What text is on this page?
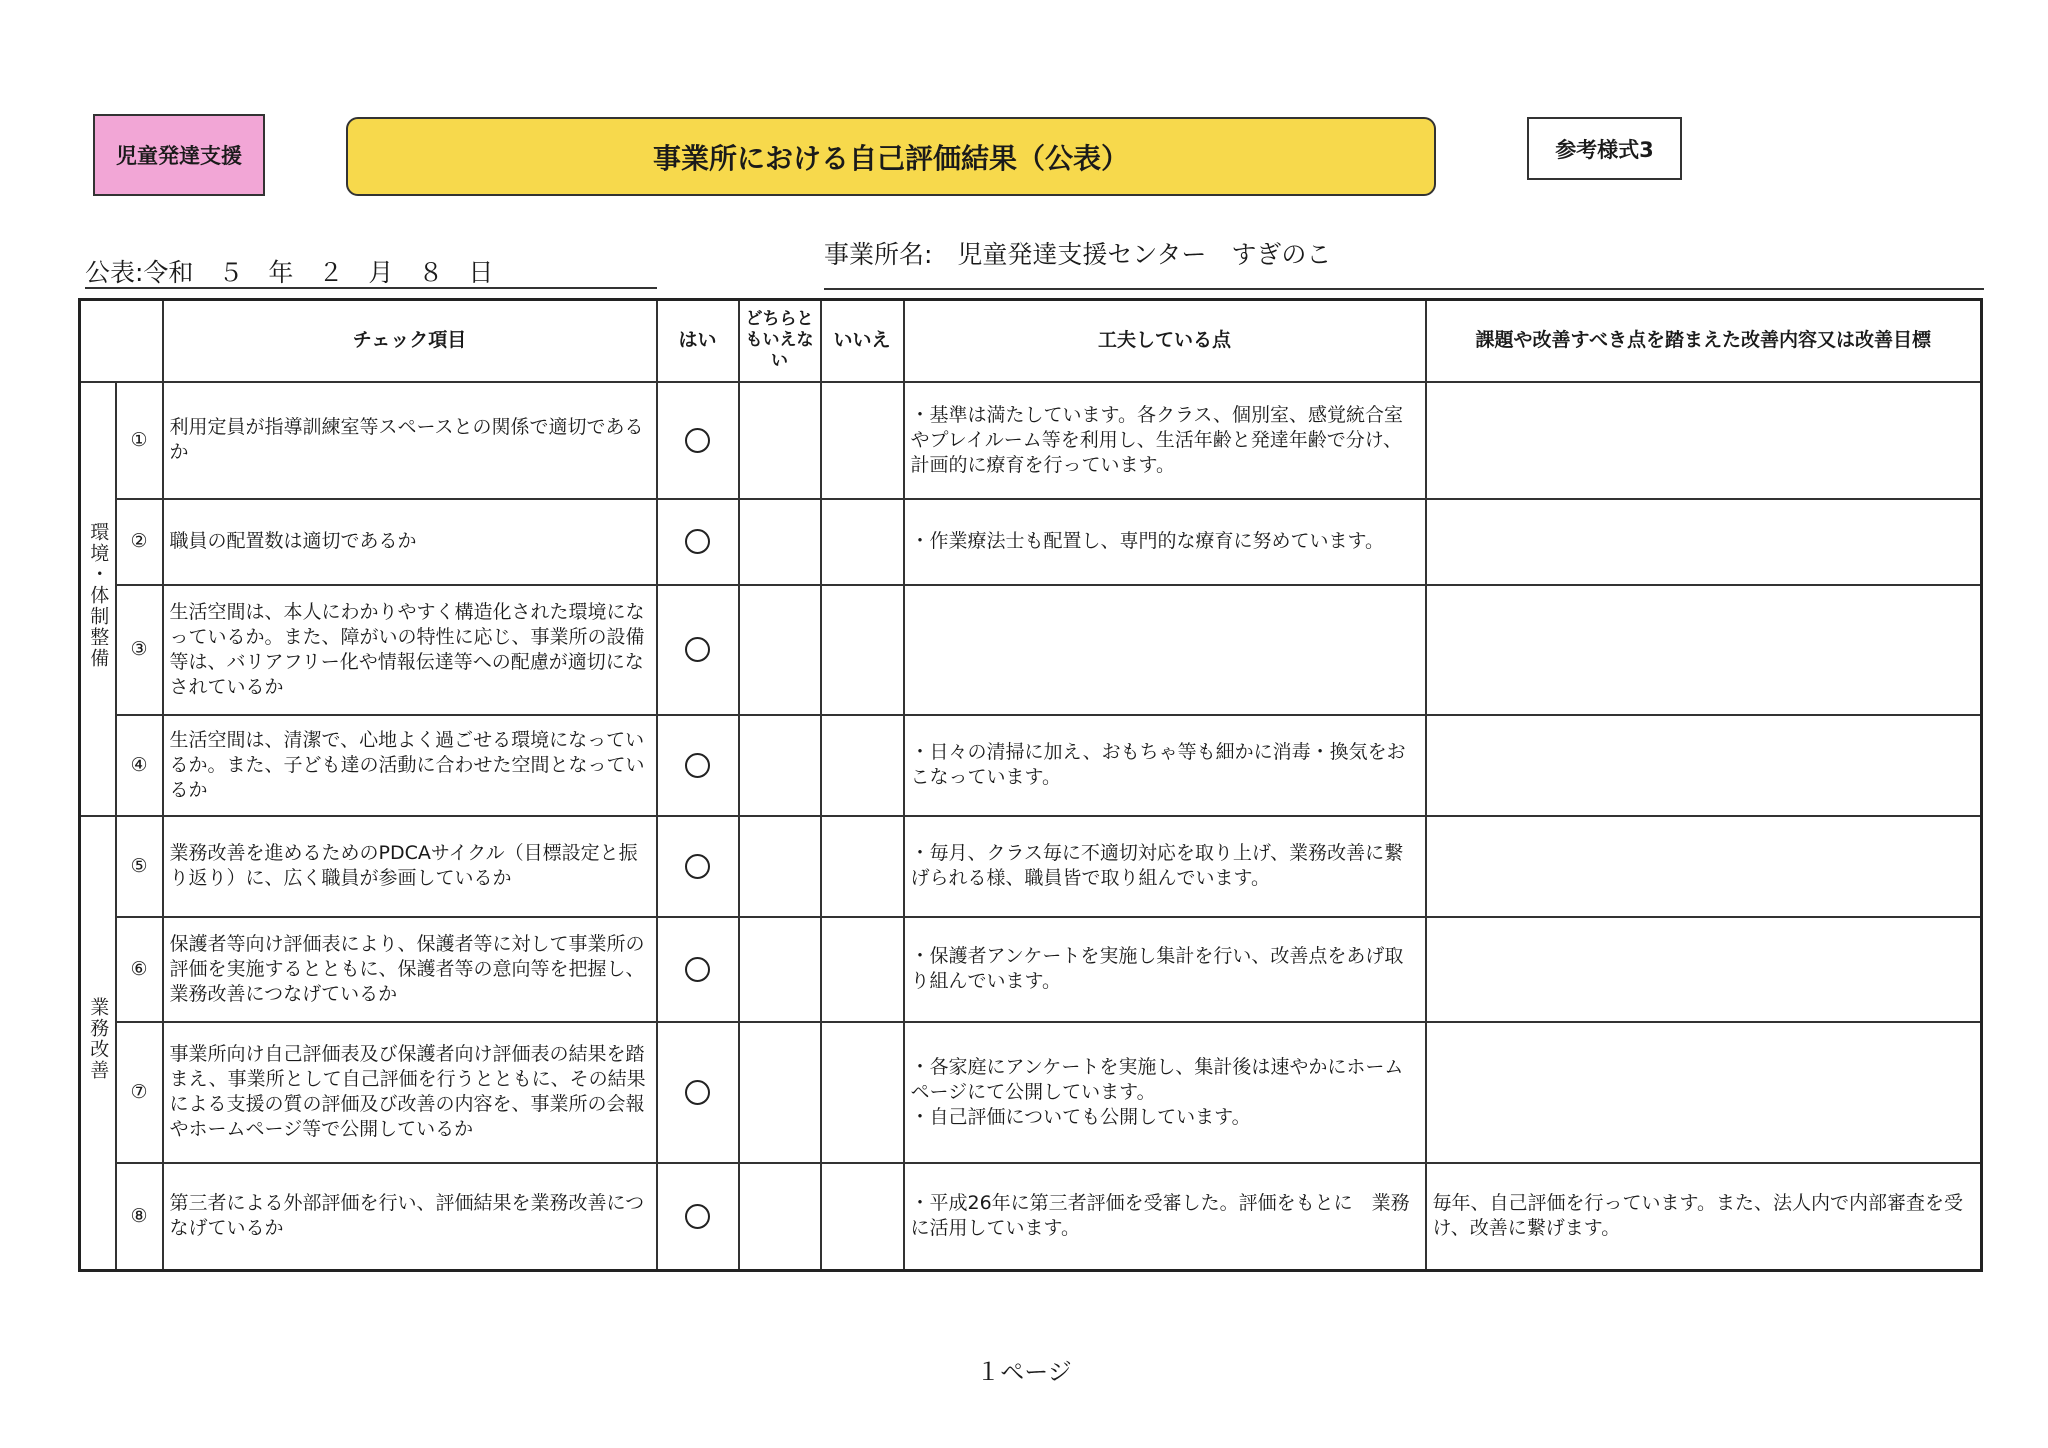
児童発達支援	事業所における自己評価結果（公表）	参考様式3
公表:令和　５　年　２　月　８　日
事業所名:　児童発達支援センター　すぎのこ
		チェック項目	はい	どちらともいえない	いいえ	工夫している点	課題や改善すべき点を踏まえた改善内容又は改善目標
環境・体制整備	①	利用定員が指導訓練室等スペースとの関係で適切であるか				・基準は満たしています。各クラス、個別室、感覚統合室やプレイルーム等を利用し、生活年齢と発達年齢で分け、計画的に療育を行っています。	
	②	職員の配置数は適切であるか				・作業療法士も配置し、専門的な療育に努めています。	
	③	生活空間は、本人にわかりやすく構造化された環境になっているか。また、障がいの特性に応じ、事業所の設備等は、バリアフリー化や情報伝達等への配慮が適切になされているか					
	④	生活空間は、清潔で、心地よく過ごせる環境になっているか。また、子ども達の活動に合わせた空間となっているか				・日々の清掃に加え、おもちゃ等も細かに消毒・換気をおこなっています。	
業務改善	⑤	業務改善を進めるためのPDCAサイクル（目標設定と振り返り）に、広く職員が参画しているか				・毎月、クラス毎に不適切対応を取り上げ、業務改善に繋げられる様、職員皆で取り組んでいます。	
	⑥	保護者等向け評価表により、保護者等に対して事業所の評価を実施するとともに、保護者等の意向等を把握し、業務改善につなげているか				・保護者アンケートを実施し集計を行い、改善点をあげ取り組んでいます。	
	⑦	事業所向け自己評価表及び保護者向け評価表の結果を踏まえ、事業所として自己評価を行うとともに、その結果による支援の質の評価及び改善の内容を、事業所の会報やホームページ等で公開しているか				・各家庭にアンケートを実施し、集計後は速やかにホームページにて公開しています。
・自己評価についても公開しています。	
	⑧	第三者による外部評価を行い、評価結果を業務改善につなげているか				・平成26年に第三者評価を受審した。評価をもとに　業務に活用しています。	毎年、自己評価を行っています。また、法人内で内部審査を受け、改善に繋げます。
１ページ
